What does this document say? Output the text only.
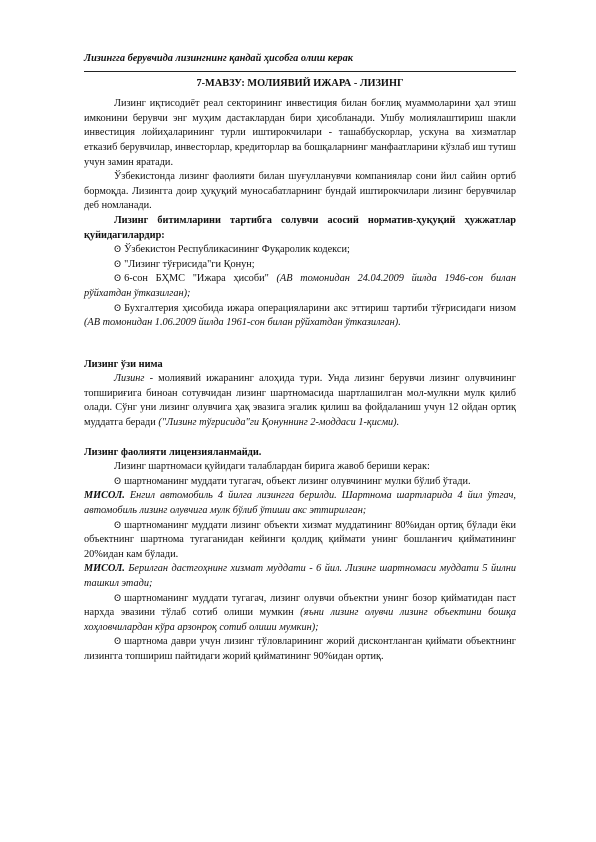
Лизингга берувчида лизингнинг қандай ҳисобга олиш керак
7-МАВЗУ: МОЛИЯВИЙ ИЖАРА - ЛИЗИНГ

Лизинг иқтисодиёт реал секторининг инвестиция билан боғлиқ муаммоларини ҳал этиш имконини берувчи энг муҳим дастаклардан бири ҳисобланади. Ушбу молиялаштириш шакли инвестиция лойиҳаларининг турли иштирокчилари - ташаббускорлар, ускуна ва хизматлар етказиб берувчилар, инвесторлар, кредиторлар ва бошқаларнинг манфаатларини кўзлаб иш тутиш учун замин яратади.

Ўзбекистонда лизинг фаолияти билан шуғулланувчи компаниялар сони йил сайин ортиб бормоқда. Лизингга доир ҳуқуқий муносабатларнинг бундай иштирокчилари лизинг берувчилар деб номланади.

Лизинг битимларини тартибга солувчи асосий норматив-ҳуқуқий ҳужжатлар қуйидагилардир:

ʘ Ўзбекистон Республикасининг Фуқаролик кодекси;

ʘ "Лизинг тўғрисида"ги Қонун;

ʘ 6-сон БҲМС "Ижара ҳисоби" (АВ томонидан 24.04.2009 йилда 1946-сон билан рўйхатдан ўтказилган);

ʘ Бухгалтерия ҳисобида ижара операцияларини акс эттириш тартиби тўғрисидаги низом (АВ томонидан 1.06.2009 йилда 1961-сон билан рўйхатдан ўтказилган).

Лизинг ўзи нима

Лизинг - молиявий ижаранинг алоҳида тури. Унда лизинг берувчи лизинг олувчининг топшириғига биноан сотувчидан лизинг шартномасида шартлашилган мол-мулкни мулк қилиб олади. Сўнг уни лизинг олувчига ҳақ эвазига эгалик қилиш ва фойдаланиш учун 12 ойдан ортиқ муддатга беради ("Лизинг тўғрисида"ги Қонуннинг 2-моддаси 1-қисми).

Лизинг фаолияти лицензияланмайди.

Лизинг шартномаси қуйидаги талаблардан бирига жавоб бериши керак:

ʘ шартноманинг муддати тугагач, объект лизинг олувчининг мулки бўлиб ўтади.

МИСОЛ. Енгил автомобиль 4 йилга лизингга берилди. Шартнома шартларида 4 йил ўтгач, автомобиль лизинг олувчига мулк бўлиб ўтиши акс эттирилган;

ʘ шартноманинг муддати лизинг объекти хизмат муддатининг 80%идан ортиқ бўлади ёки объектнинг шартнома тугаганидан кейинги қолдиқ қиймати унинг бошланғич қийматининг 20%идан кам бўлади.

МИСОЛ. Берилган дастгоҳнинг хизмат муддати - 6 йил. Лизинг шартномаси муддати 5 йилни ташкил этади;

ʘ шартноманинг муддати тугагач, лизинг олувчи объектни унинг бозор қийматидан паст нархда эвазини тўлаб сотиб олиши мумкин (яъни лизинг олувчи лизинг объектини бошқа хоҳловчилардан кўра арзонроқ сотиб олиши мумкин);

ʘ шартнома даври учун лизинг тўловларининг жорий дисконтланган қиймати объектнинг лизингга топшириш пайтидаги жорий қийматининг 90%идан ортиқ.
